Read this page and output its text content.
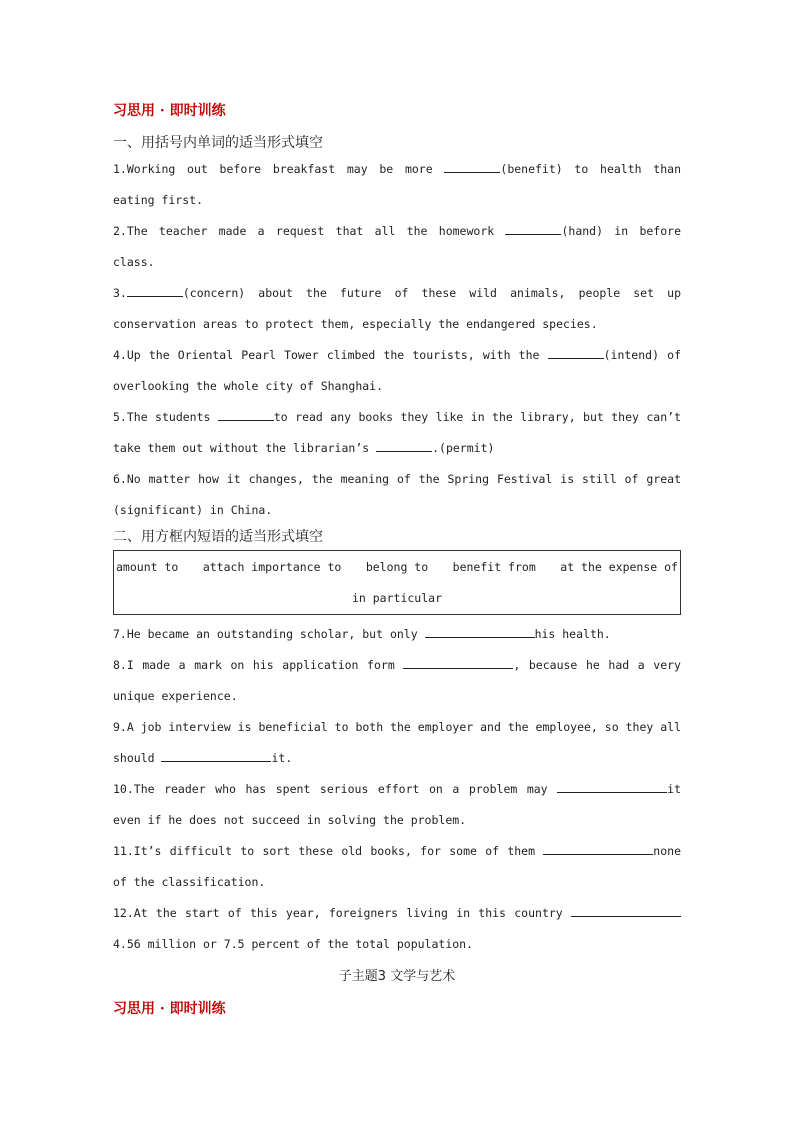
习思用 · 即时训练
一、用括号内单词的适当形式填空
1.Working out before breakfast may be more	(benefit) to health than eating first.
2.The teacher made a request that all the homework	(hand) in before class.
3.	(concern) about the future of these wild animals, people set up conservation areas to protect them, especially the endangered species.
4.Up the Oriental Pearl Tower climbed the tourists, with the	(intend) of overlooking the whole city of Shanghai.
5.The students	to read any books they like in the library, but they can’t take them out without the librarian’s	.(permit)
6.No matter how it changes, the meaning of the Spring Festival is still of great (significant) in China.
二、用方框内短语的适当形式填空
amount to attach importance to belong to benefit from at the expense of
in particular
7.He became an outstanding scholar, but only	his health.
8.I made a mark on his application form	, because he had a very unique experience.
9.A job interview is beneficial to both the employer and the employee, so they all should	it.
10.The reader who has spent serious effort on a problem may	it even if he does not succeed in solving the problem.
11.It’s difficult to sort these old books, for some of them	none of the classification.
12.At the start of this year, foreigners living in this country 4.56 million or 7.5 percent of the total population.
子主题3 文学与艺术
习思用 · 即时训练
